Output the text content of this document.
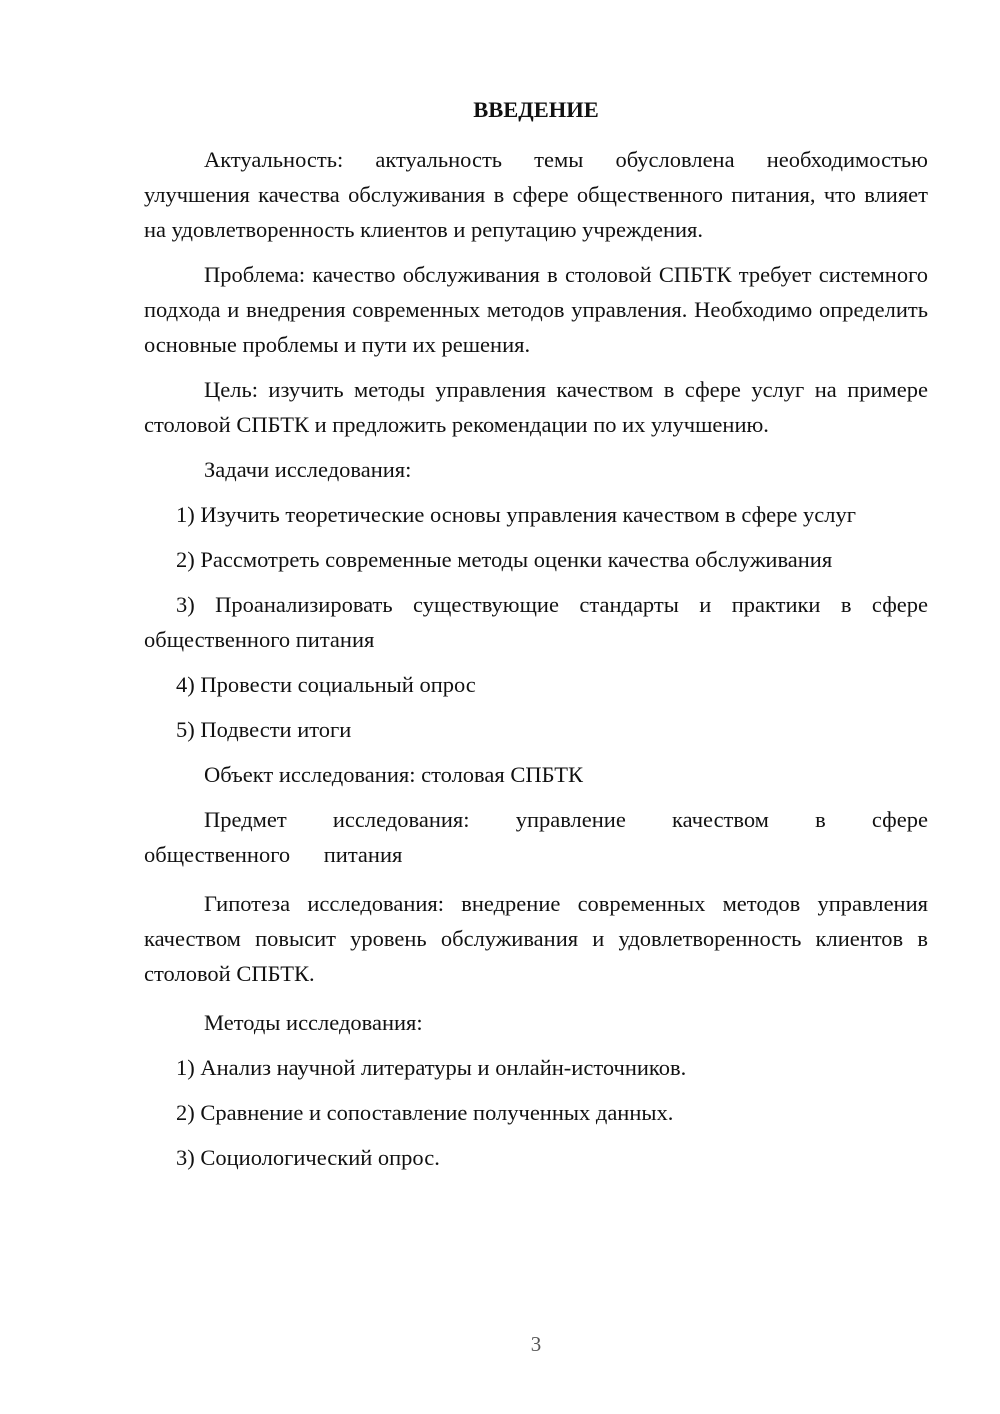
ВВЕДЕНИЕ

Актуальность: актуальность темы обусловлена необходимостью улучшения качества обслуживания в сфере общественного питания, что влияет на удовлетворенность клиентов и репутацию учреждения.

Проблема: качество обслуживания в столовой СПБТК требует системного подхода и внедрения современных методов управления. Необходимо определить основные проблемы и пути их решения.

Цель: изучить методы управления качеством в сфере услуг на примере столовой СПБТК и предложить рекомендации по их улучшению.

Задачи исследования:

1) Изучить теоретические основы управления качеством в сфере услуг

2) Рассмотреть современные методы оценки качества обслуживания

3) Проанализировать существующие стандарты и практики в сфере общественного питания

4) Провести социальный опрос

5) Подвести итоги

Объект исследования: столовая СПБТК

Предмет исследования: управление качеством в сфере общественного питания

Гипотеза исследования: внедрение современных методов управления качеством повысит уровень обслуживания и удовлетворенность клиентов в столовой СПБТК.

Методы исследования:

1) Анализ научной литературы и онлайн-источников.

2) Сравнение и сопоставление полученных данных.

3) Социологический опрос.

3
